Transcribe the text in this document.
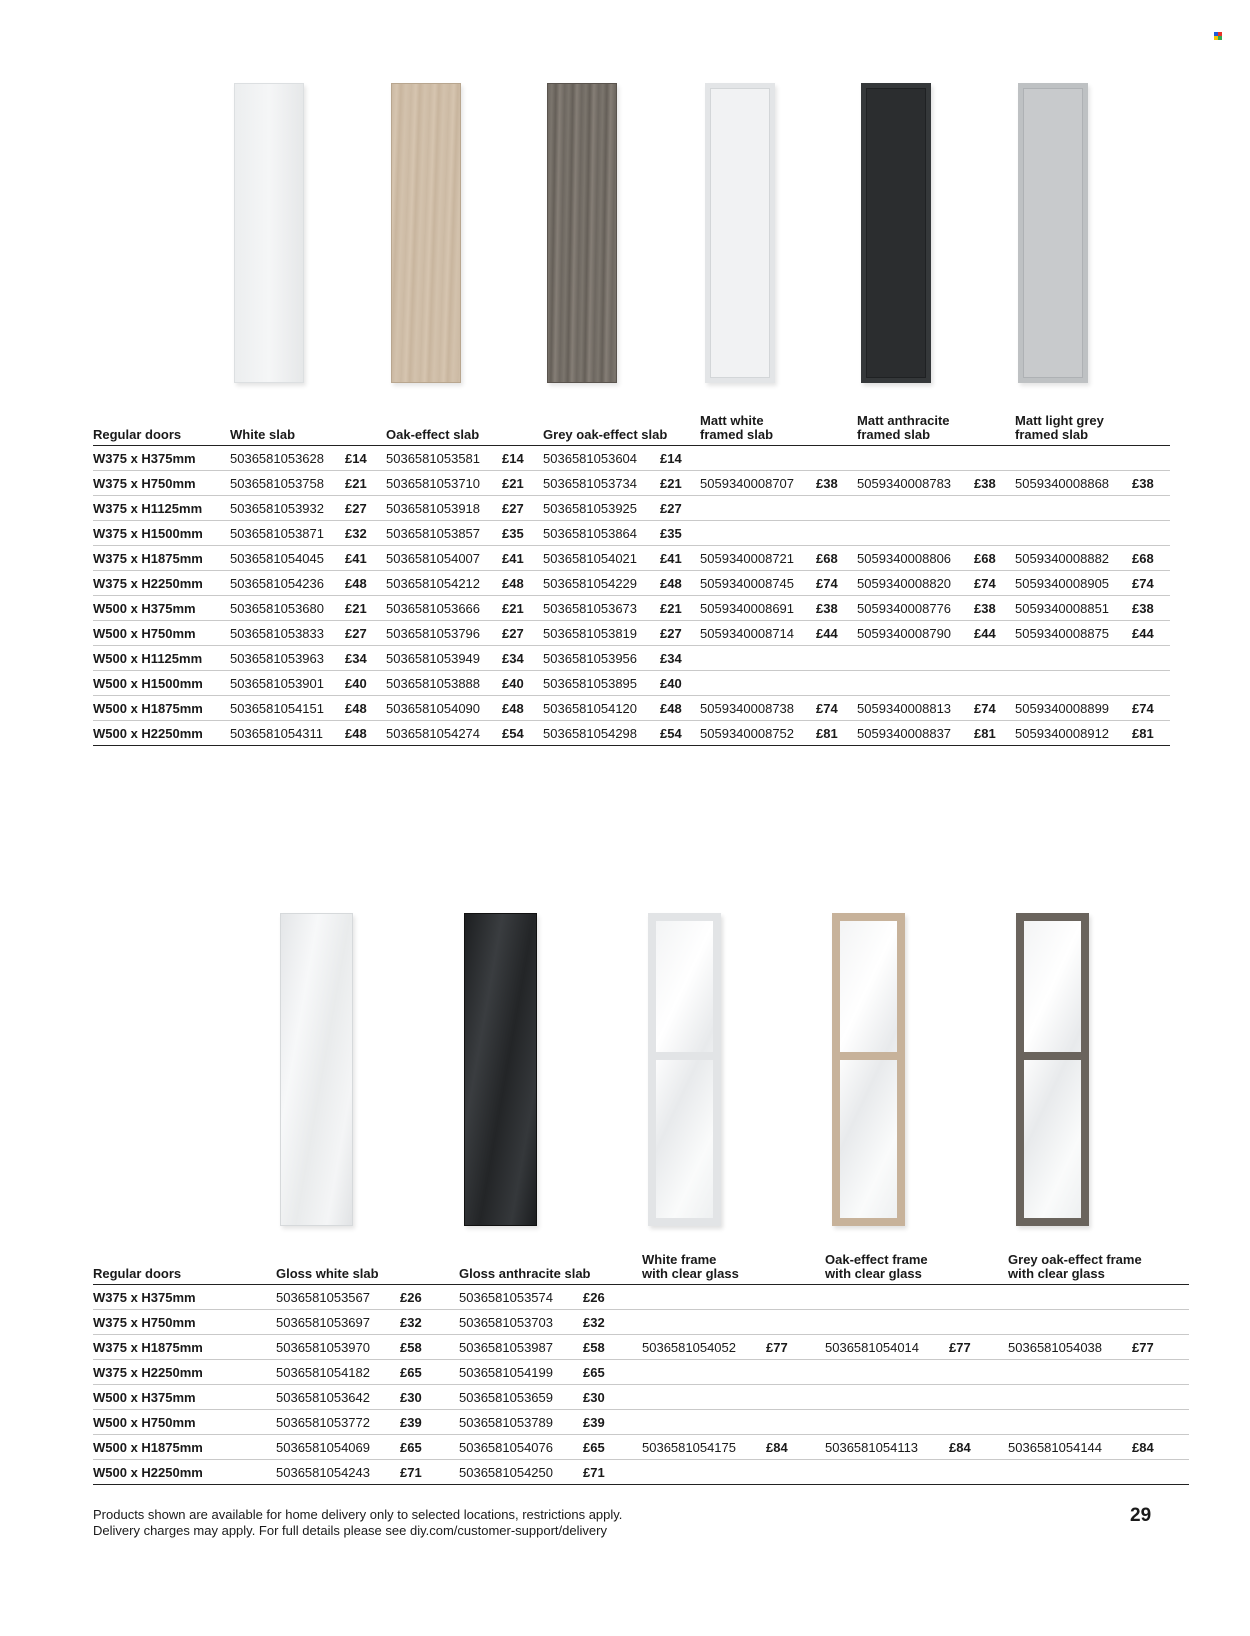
Regular doors	White slab		Oak-effect slab		Grey oak-effect slab		Matt white
framed slab		Matt anthracite
framed slab		Matt light grey
framed slab	
W375 x H375mm	5036581053628	£14	5036581053581	£14	5036581053604	£14						
W375 x H750mm	5036581053758	£21	5036581053710	£21	5036581053734	£21	5059340008707	£38	5059340008783	£38	5059340008868	£38
W375 x H1125mm	5036581053932	£27	5036581053918	£27	5036581053925	£27						
W375 x H1500mm	5036581053871	£32	5036581053857	£35	5036581053864	£35						
W375 x H1875mm	5036581054045	£41	5036581054007	£41	5036581054021	£41	5059340008721	£68	5059340008806	£68	5059340008882	£68
W375 x H2250mm	5036581054236	£48	5036581054212	£48	5036581054229	£48	5059340008745	£74	5059340008820	£74	5059340008905	£74
W500 x H375mm	5036581053680	£21	5036581053666	£21	5036581053673	£21	5059340008691	£38	5059340008776	£38	5059340008851	£38
W500 x H750mm	5036581053833	£27	5036581053796	£27	5036581053819	£27	5059340008714	£44	5059340008790	£44	5059340008875	£44
W500 x H1125mm	5036581053963	£34	5036581053949	£34	5036581053956	£34						
W500 x H1500mm	5036581053901	£40	5036581053888	£40	5036581053895	£40						
W500 x H1875mm	5036581054151	£48	5036581054090	£48	5036581054120	£48	5059340008738	£74	5059340008813	£74	5059340008899	£74
W500 x H2250mm	5036581054311	£48	5036581054274	£54	5036581054298	£54	5059340008752	£81	5059340008837	£81	5059340008912	£81
Regular doors	Gloss white slab		Gloss anthracite slab		White frame
with clear glass		Oak-effect frame
with clear glass		Grey oak-effect frame
with clear glass	
W375 x H375mm	5036581053567	£26	5036581053574	£26						
W375 x H750mm	5036581053697	£32	5036581053703	£32						
W375 x H1875mm	5036581053970	£58	5036581053987	£58	5036581054052	£77	5036581054014	£77	5036581054038	£77
W375 x H2250mm	5036581054182	£65	5036581054199	£65						
W500 x H375mm	5036581053642	£30	5036581053659	£30						
W500 x H750mm	5036581053772	£39	5036581053789	£39						
W500 x H1875mm	5036581054069	£65	5036581054076	£65	5036581054175	£84	5036581054113	£84	5036581054144	£84
W500 x H2250mm	5036581054243	£71	5036581054250	£71						
Products shown are available for home delivery only to selected locations, restrictions apply.
Delivery charges may apply. For full details please see diy.com/customer-support/delivery
29
